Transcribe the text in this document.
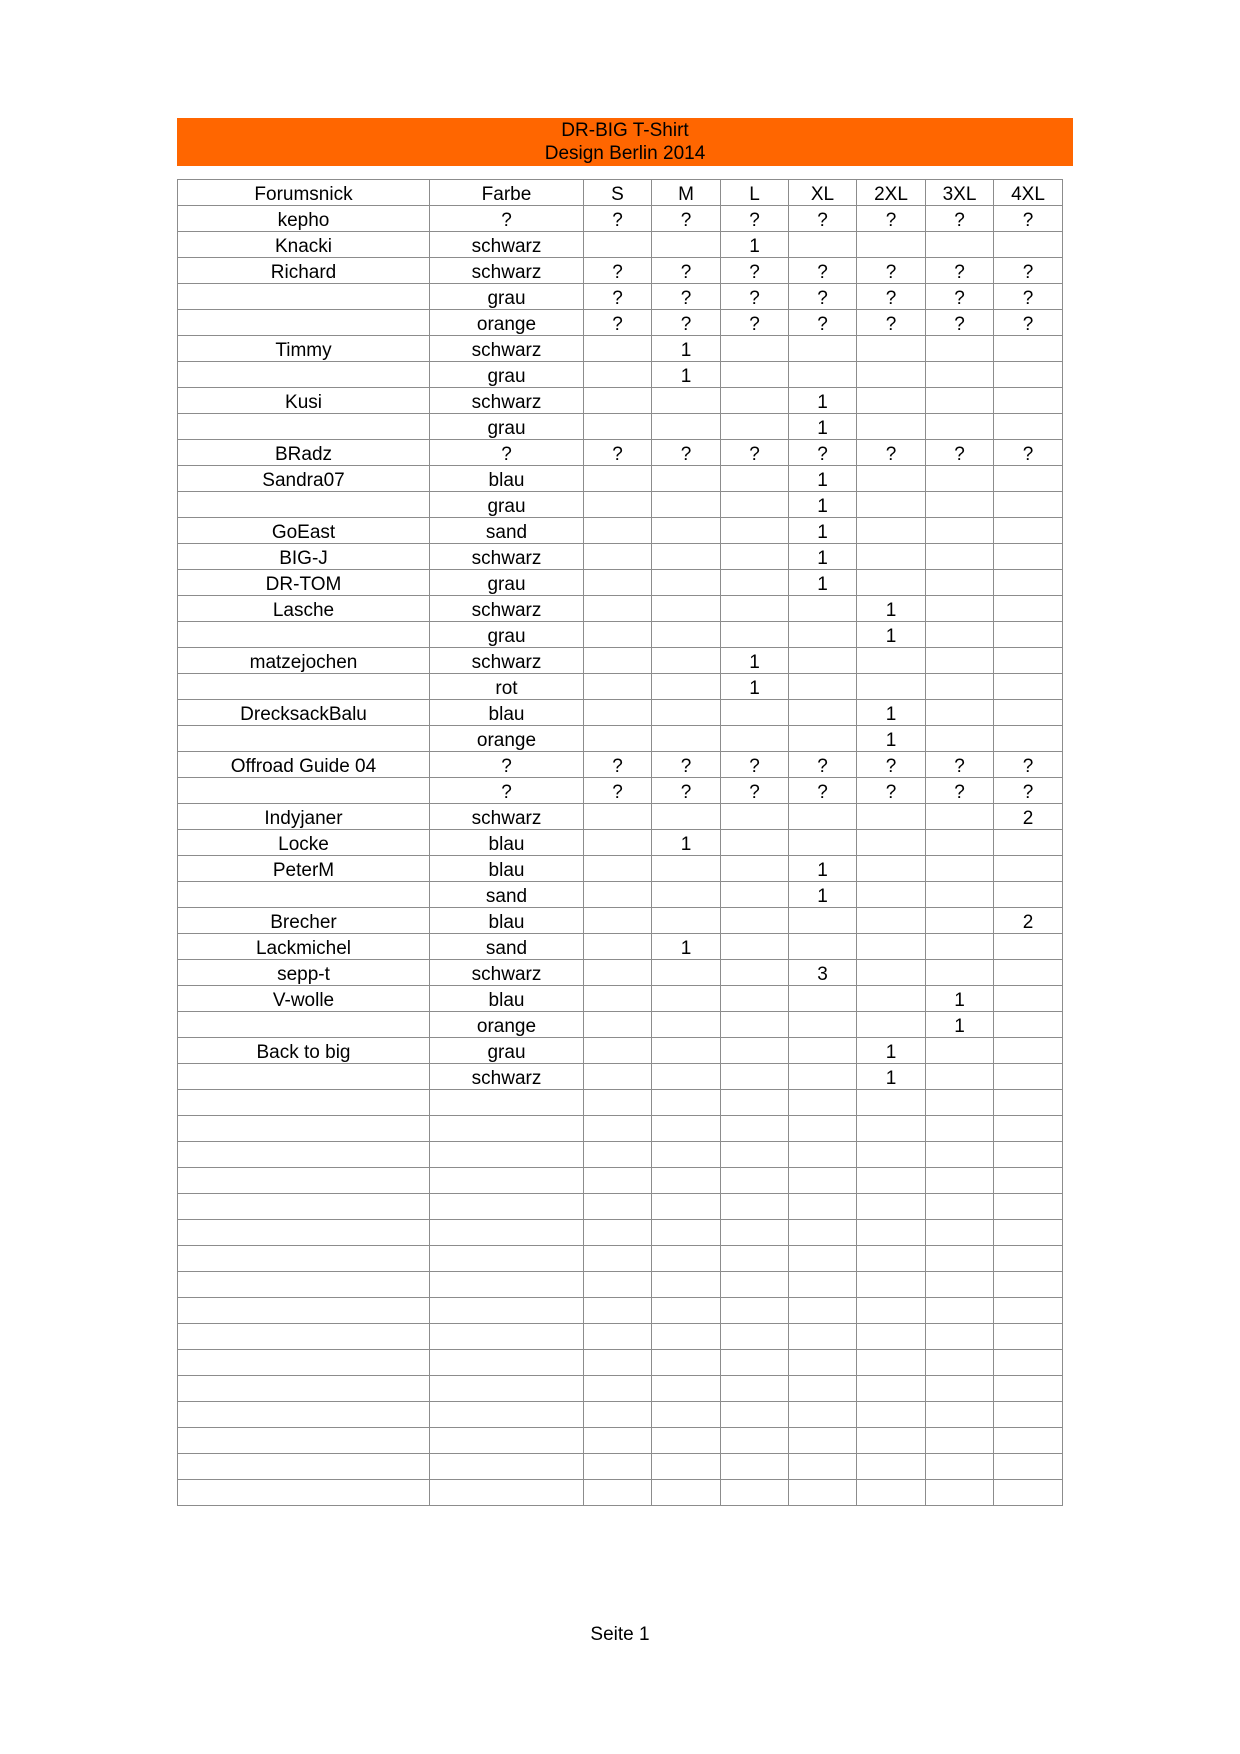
DR-BIG T-Shirt
Design Berlin 2014
Forumsnick	Farbe	S	M	L	XL	2XL	3XL	4XL
kepho	?	?	?	?	?	?	?	?
Knacki	schwarz			1				
Richard	schwarz	?	?	?	?	?	?	?
	grau	?	?	?	?	?	?	?
	orange	?	?	?	?	?	?	?
Timmy	schwarz		1					
	grau		1					
Kusi	schwarz				1			
	grau				1			
BRadz	?	?	?	?	?	?	?	?
Sandra07	blau				1			
	grau				1			
GoEast	sand				1			
BIG-J	schwarz				1			
DR-TOM	grau				1			
Lasche	schwarz					1		
	grau					1		
matzejochen	schwarz			1				
	rot			1				
DrecksackBalu	blau					1		
	orange					1		
Offroad Guide 04	?	?	?	?	?	?	?	?
	?	?	?	?	?	?	?	?
Indyjaner	schwarz							2
Locke	blau		1					
PeterM	blau				1			
	sand				1			
Brecher	blau							2
Lackmichel	sand		1					
sepp-t	schwarz				3			
V-wolle	blau						1	
	orange						1	
Back to big	grau					1		
	schwarz					1		

Seite 1
